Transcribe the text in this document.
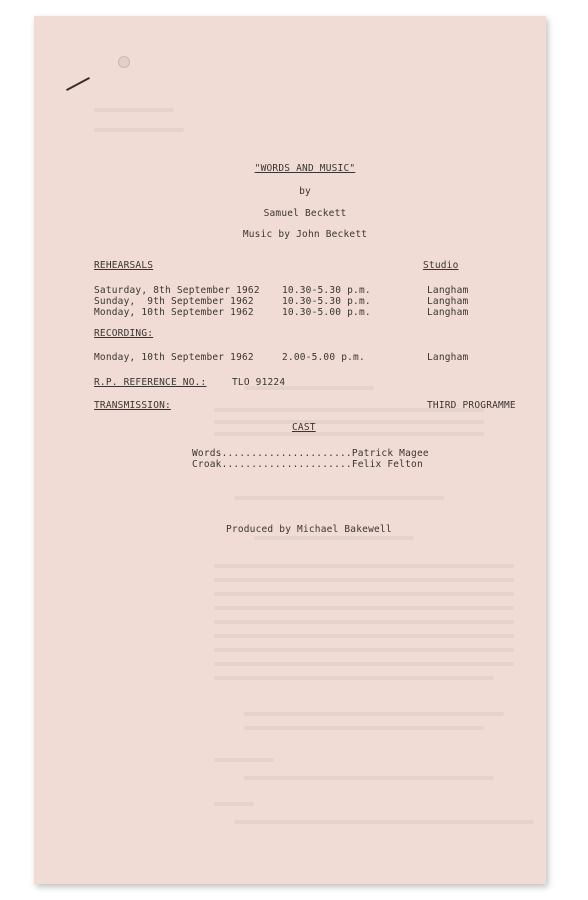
"WORDS AND MUSIC"
by
Samuel Beckett
Music by John Beckett
REHEARSALS	Studio
Saturday, 8th September 1962 10.30-5.30 p.m.	Langham
Sunday,  9th September 1962	10.30-5.30 p.m.	Langham
Monday, 10th September 1962	10.30-5.00 p.m.	Langham
RECORDING:
Monday, 10th September 1962	2.00-5.00 p.m.	Langham
R.P. REFERENCE NO.:	TLO 91224
TRANSMISSION:	THIRD PROGRAMME
CAST
Words......................Patrick Magee
Croak......................Felix Felton
Produced by Michael Bakewell
